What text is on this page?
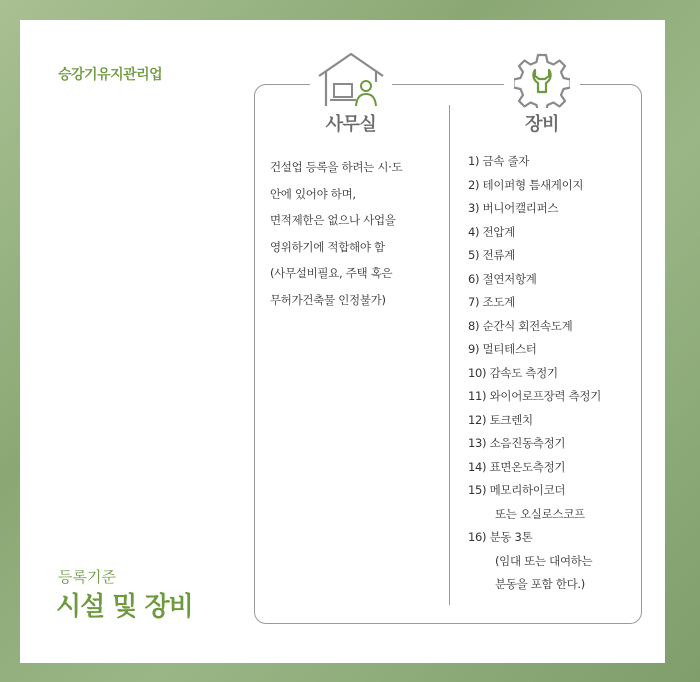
승강기유지관리업
사무실	장비
건설업 등록을 하려는 시·도
안에 있어야 하며,
면적제한은 없으나 사업을
영위하기에 적합해야 함
(사무설비필요, 주택 혹은
무허가건축물 인정불가)
1) 금속 줄자
2) 테이퍼형 틈새게이지
3) 버니어캘리퍼스
4) 전압계
5) 전류계
6) 절연저항계
7) 조도계
8) 순간식 회전속도계
9) 멀티테스터
10) 감속도 측정기
11) 와이어로프장력 측정기
12) 토크렌치
13) 소음진동측정기
14) 표면온도측정기
15) 메모리하이코더
또는 오실로스코프
16) 분동 3톤
(임대 또는 대여하는
분동을 포함 한다.)
등록기준
시설 및 장비
